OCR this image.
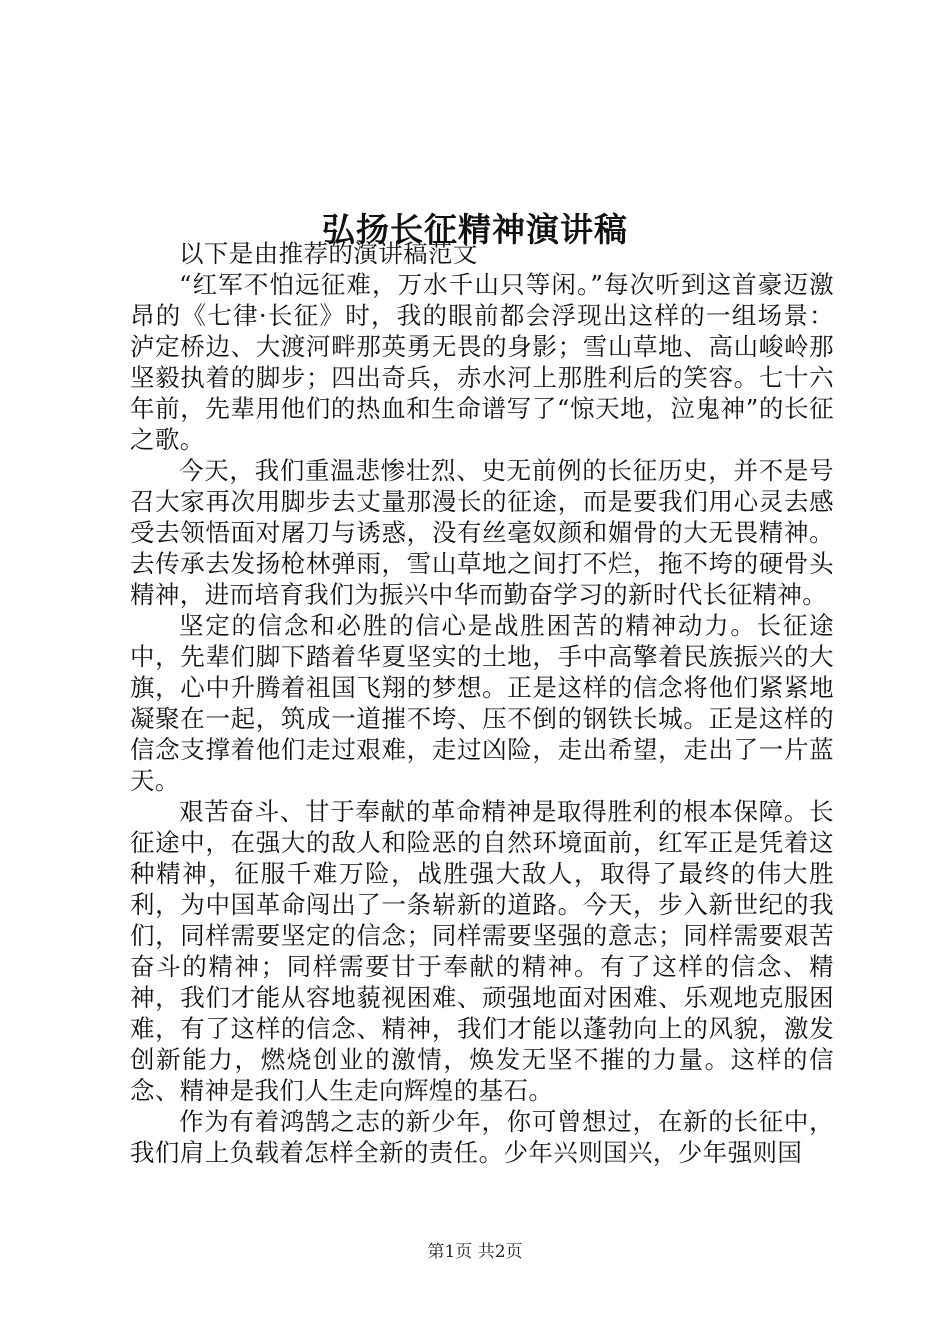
弘扬长征精神演讲稿

以下是由推荐的演讲稿范文

“红军不怕远征难，万水千山只等闲。”每次听到这首豪迈激昂的《七律·长征》时，我的眼前都会浮现出这样的一组场景：泸定桥边、大渡河畔那英勇无畏的身影；雪山草地、高山峻岭那坚毅执着的脚步；四出奇兵，赤水河上那胜利后的笑容。七十六年前，先辈用他们的热血和生命谱写了“惊天地，泣鬼神”的长征之歌。

今天，我们重温悲惨壮烈、史无前例的长征历史，并不是号召大家再次用脚步去丈量那漫长的征途，而是要我们用心灵去感受去领悟面对屠刀与诱惑，没有丝毫奴颜和媚骨的大无畏精神。去传承去发扬枪林弹雨，雪山草地之间打不烂，拖不垮的硬骨头精神，进而培育我们为振兴中华而勤奋学习的新时代长征精神。

坚定的信念和必胜的信心是战胜困苦的精神动力。长征途中，先辈们脚下踏着华夏坚实的土地，手中高擎着民族振兴的大旗，心中升腾着祖国飞翔的梦想。正是这样的信念将他们紧紧地凝聚在一起，筑成一道摧不垮、压不倒的钢铁长城。正是这样的信念支撑着他们走过艰难，走过凶险，走出希望，走出了一片蓝天。

艰苦奋斗、甘于奉献的革命精神是取得胜利的根本保障。长征途中，在强大的敌人和险恶的自然环境面前，红军正是凭着这种精神，征服千难万险，战胜强大敌人，取得了最终的伟大胜利，为中国革命闯出了一条崭新的道路。今天，步入新世纪的我们，同样需要坚定的信念；同样需要坚强的意志；同样需要艰苦奋斗的精神；同样需要甘于奉献的精神。有了这样的信念、精神，我们才能从容地藐视困难、顽强地面对困难、乐观地克服困难，有了这样的信念、精神，我们才能以蓬勃向上的风貌，激发创新能力，燃烧创业的激情，焕发无坚不摧的力量。这样的信念、精神是我们人生走向辉煌的基石。

作为有着鸿鹄之志的新少年，你可曾想过，在新的长征中，我们肩上负载着怎样全新的责任。少年兴则国兴，少年强则国

第1页 共2页
